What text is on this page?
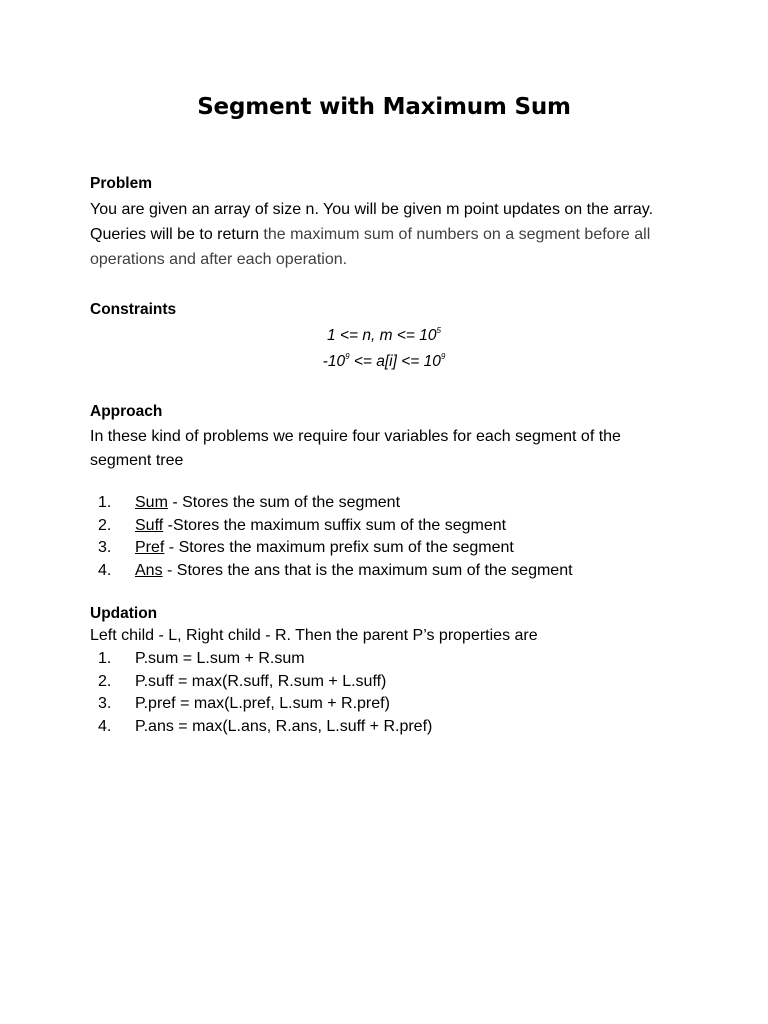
Segment with Maximum Sum
Problem
You are given an array of size n. You will be given m point updates on the array.
Queries will be to return the maximum sum of numbers on a segment before all
operations and after each operation.
Constraints
1 <= n, $m <= 10^5$
$-10^9 <= a[i] <= 10^9$
Approach
In these kind of problems we require four variables for each segment of the
segment tree
1. Sum - Stores the sum of the segment
2. Suff -Stores the maximum suffix sum of the segment
3. Pref - Stores the maximum prefix sum of the segment
4. Ans - Stores the ans that is the maximum sum of the segment
Updation
Left child - L, Right child - R. Then the parent P’s properties are
1. P.sum = L.sum + R.sum
2. P.suff = max(R.suff, R.sum + L.suff)
3. P.pref = max(L.pref, L.sum + R.pref)
4. P.ans = max(L.ans, R.ans, L.suff + R.pref)
